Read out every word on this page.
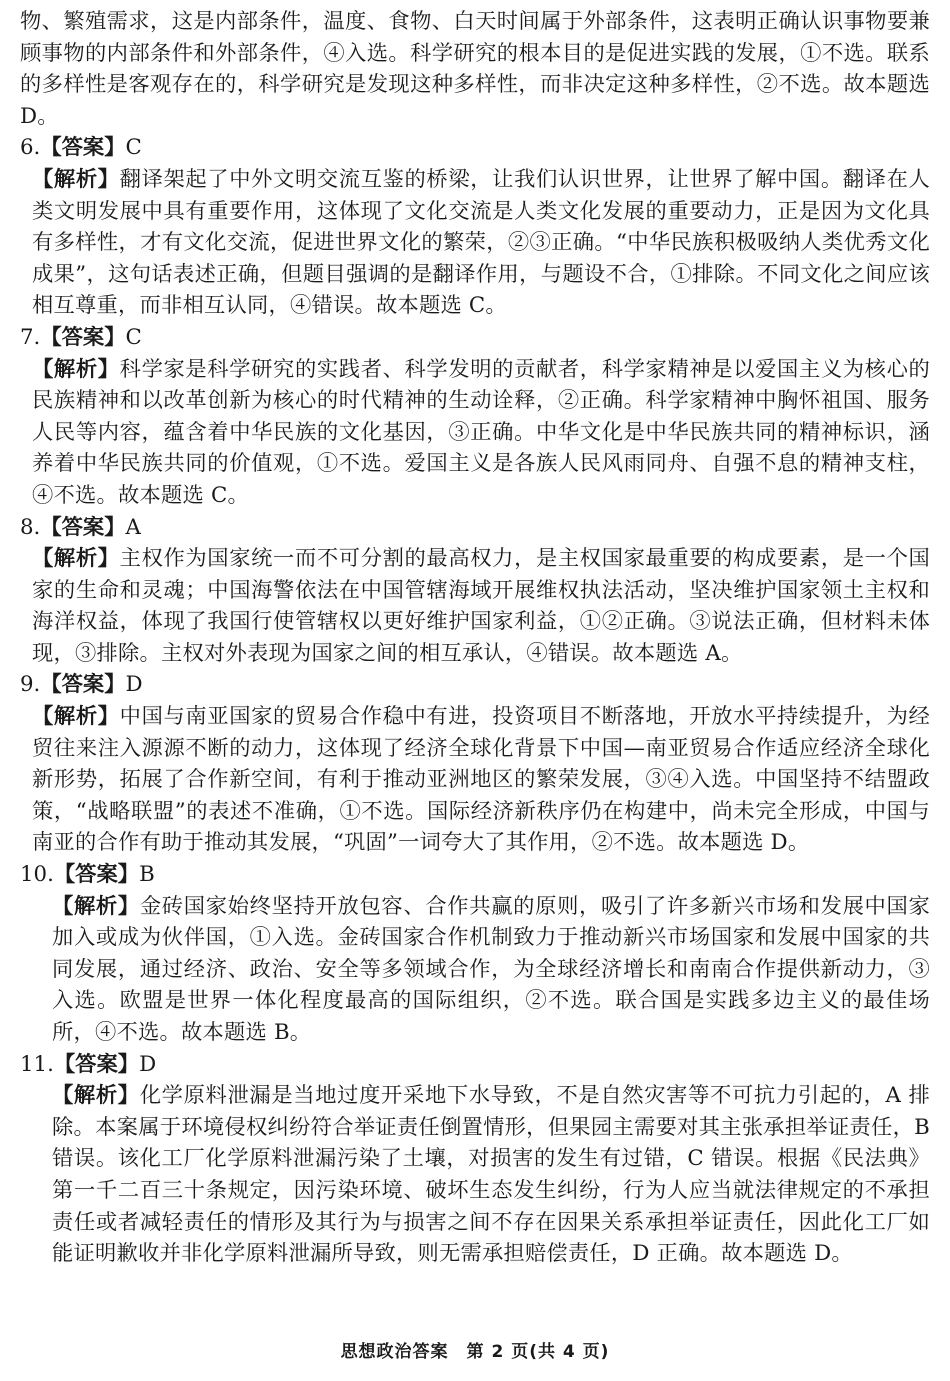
物、繁殖需求，这是内部条件，温度、食物、白天时间属于外部条件，这表明正确认识事物要兼顾事物的内部条件和外部条件，④入选。科学研究的根本目的是促进实践的发展，①不选。联系的多样性是客观存在的，科学研究是发现这种多样性，而非决定这种多样性，②不选。故本题选 D。

6.【答案】C

【解析】翻译架起了中外文明交流互鉴的桥梁，让我们认识世界，让世界了解中国。翻译在人类文明发展中具有重要作用，这体现了文化交流是人类文化发展的重要动力，正是因为文化具有多样性，才有文化交流，促进世界文化的繁荣，②③正确。“中华民族积极吸纳人类优秀文化成果”，这句话表述正确，但题目强调的是翻译作用，与题设不合，①排除。不同文化之间应该相互尊重，而非相互认同，④错误。故本题选 C。

7.【答案】C

【解析】科学家是科学研究的实践者、科学发明的贡献者，科学家精神是以爱国主义为核心的民族精神和以改革创新为核心的时代精神的生动诠释，②正确。科学家精神中胸怀祖国、服务人民等内容，蕴含着中华民族的文化基因，③正确。中华文化是中华民族共同的精神标识，涵养着中华民族共同的价值观，①不选。爱国主义是各族人民风雨同舟、自强不息的精神支柱，④不选。故本题选 C。

8.【答案】A

【解析】主权作为国家统一而不可分割的最高权力，是主权国家最重要的构成要素，是一个国家的生命和灵魂；中国海警依法在中国管辖海域开展维权执法活动，坚决维护国家领土主权和海洋权益，体现了我国行使管辖权以更好维护国家利益，①②正确。③说法正确，但材料未体现，③排除。主权对外表现为国家之间的相互承认，④错误。故本题选 A。

9.【答案】D

【解析】中国与南亚国家的贸易合作稳中有进，投资项目不断落地，开放水平持续提升，为经贸往来注入源源不断的动力，这体现了经济全球化背景下中国—南亚贸易合作适应经济全球化新形势，拓展了合作新空间，有利于推动亚洲地区的繁荣发展，③④入选。中国坚持不结盟政策，“战略联盟”的表述不准确，①不选。国际经济新秩序仍在构建中，尚未完全形成，中国与南亚的合作有助于推动其发展，“巩固”一词夸大了其作用，②不选。故本题选 D。

10.【答案】B

【解析】金砖国家始终坚持开放包容、合作共赢的原则，吸引了许多新兴市场和发展中国家加入或成为伙伴国，①入选。金砖国家合作机制致力于推动新兴市场国家和发展中国家的共同发展，通过经济、政治、安全等多领域合作，为全球经济增长和南南合作提供新动力，③入选。欧盟是世界一体化程度最高的国际组织，②不选。联合国是实践多边主义的最佳场所，④不选。故本题选 B。

11.【答案】D

【解析】化学原料泄漏是当地过度开采地下水导致，不是自然灾害等不可抗力引起的，A 排除。本案属于环境侵权纠纷符合举证责任倒置情形，但果园主需要对其主张承担举证责任，B 错误。该化工厂化学原料泄漏污染了土壤，对损害的发生有过错，C 错误。根据《民法典》第一千二百三十条规定，因污染环境、破坏生态发生纠纷，行为人应当就法律规定的不承担责任或者减轻责任的情形及其行为与损害之间不存在因果关系承担举证责任，因此化工厂如能证明歉收并非化学原料泄漏所导致，则无需承担赔偿责任，D 正确。故本题选 D。

思想政治答案　第 2 页(共 4 页)
